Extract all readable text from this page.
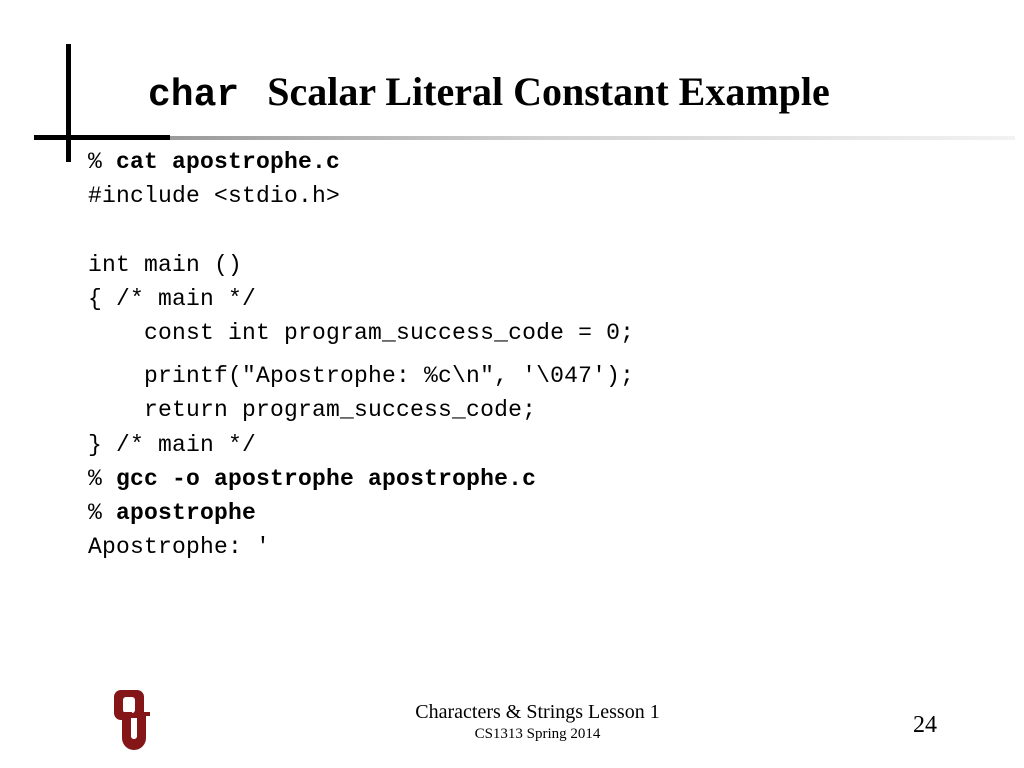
char Scalar Literal Constant Example
% cat apostrophe.c
#include <stdio.h>
int main ()
{ /* main */
const int program_success_code = 0;
printf("Apostrophe: %c\n", '\047');
return program_success_code;
} /* main */
% gcc -o apostrophe apostrophe.c
% apostrophe
Apostrophe: '
Characters & Strings Lesson 1
CS1313 Spring 2014	24
